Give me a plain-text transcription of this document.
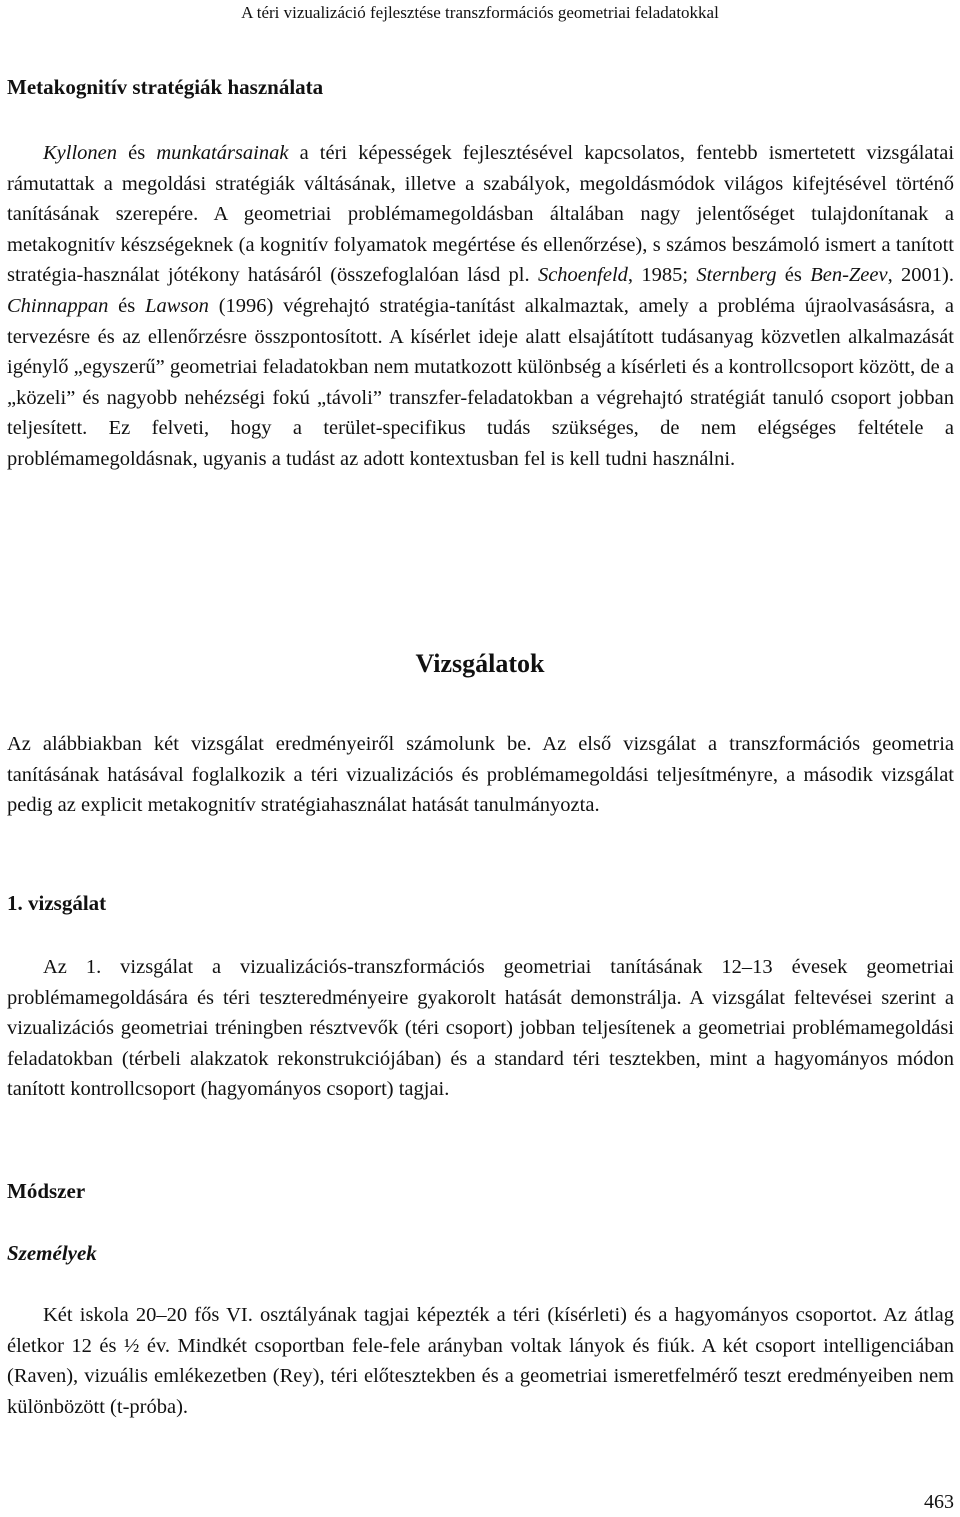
A téri vizualizáció fejlesztése transzformációs geometriai feladatokkal
Metakognitív stratégiák használata

Kyllonen és munkatársainak a téri képességek fejlesztésével kapcsolatos, fentebb ismertetett vizsgálatai rámutattak a megoldási stratégiák váltásának, illetve a szabályok, megoldásmódok világos kifejtésével történő tanításának szerepére. A geometriai problémamegoldásban általában nagy jelentőséget tulajdonítanak a metakognitív készségeknek (a kognitív folyamatok megértése és ellenőrzése), s számos beszámoló ismert a tanított stratégia-használat jótékony hatásáról (összefoglalóan lásd pl. Schoenfeld, 1985; Sternberg és Ben-Zeev, 2001). Chinnappan és Lawson (1996) végrehajtó stratégia-tanítást alkalmaztak, amely a probléma újraolvasásásra, a tervezésre és az ellenőrzésre összpontosított. A kísérlet ideje alatt elsajátított tudásanyag közvetlen alkalmazását igénylő „egyszerű” geometriai feladatokban nem mutatkozott különbség a kísérleti és a kontrollcsoport között, de a „közeli” és nagyobb nehézségi fokú „távoli” transzfer-feladatokban a végrehajtó stratégiát tanuló csoport jobban teljesített. Ez felveti, hogy a terület-specifikus tudás szükséges, de nem elégséges feltétele a problémamegoldásnak, ugyanis a tudást az adott kontextusban fel is kell tudni használni.

Vizsgálatok

Az alábbiakban két vizsgálat eredményeiről számolunk be. Az első vizsgálat a transzformációs geometria tanításának hatásával foglalkozik a téri vizualizációs és problémamegoldási teljesítményre, a második vizsgálat pedig az explicit metakognitív stratégiahasználat hatását tanulmányozta.

1. vizsgálat

Az 1. vizsgálat a vizualizációs-transzformációs geometriai tanításának 12–13 évesek geometriai problémamegoldására és téri teszteredményeire gyakorolt hatását demonstrálja. A vizsgálat feltevései szerint a vizualizációs geometriai tréningben résztvevők (téri csoport) jobban teljesítenek a geometriai problémamegoldási feladatokban (térbeli alakzatok rekonstrukciójában) és a standard téri tesztekben, mint a hagyományos módon tanított kontrollcsoport (hagyományos csoport) tagjai.

Módszer
Személyek

Két iskola 20–20 fős VI. osztályának tagjai képezték a téri (kísérleti) és a hagyományos csoportot. Az átlag életkor 12 és ½ év. Mindkét csoportban fele-fele arányban voltak lányok és fiúk. A két csoport intelligenciában (Raven), vizuális emlékezetben (Rey), téri előtesztekben és a geometriai ismeretfelmérő teszt eredményeiben nem különbözött (t-próba).

463
